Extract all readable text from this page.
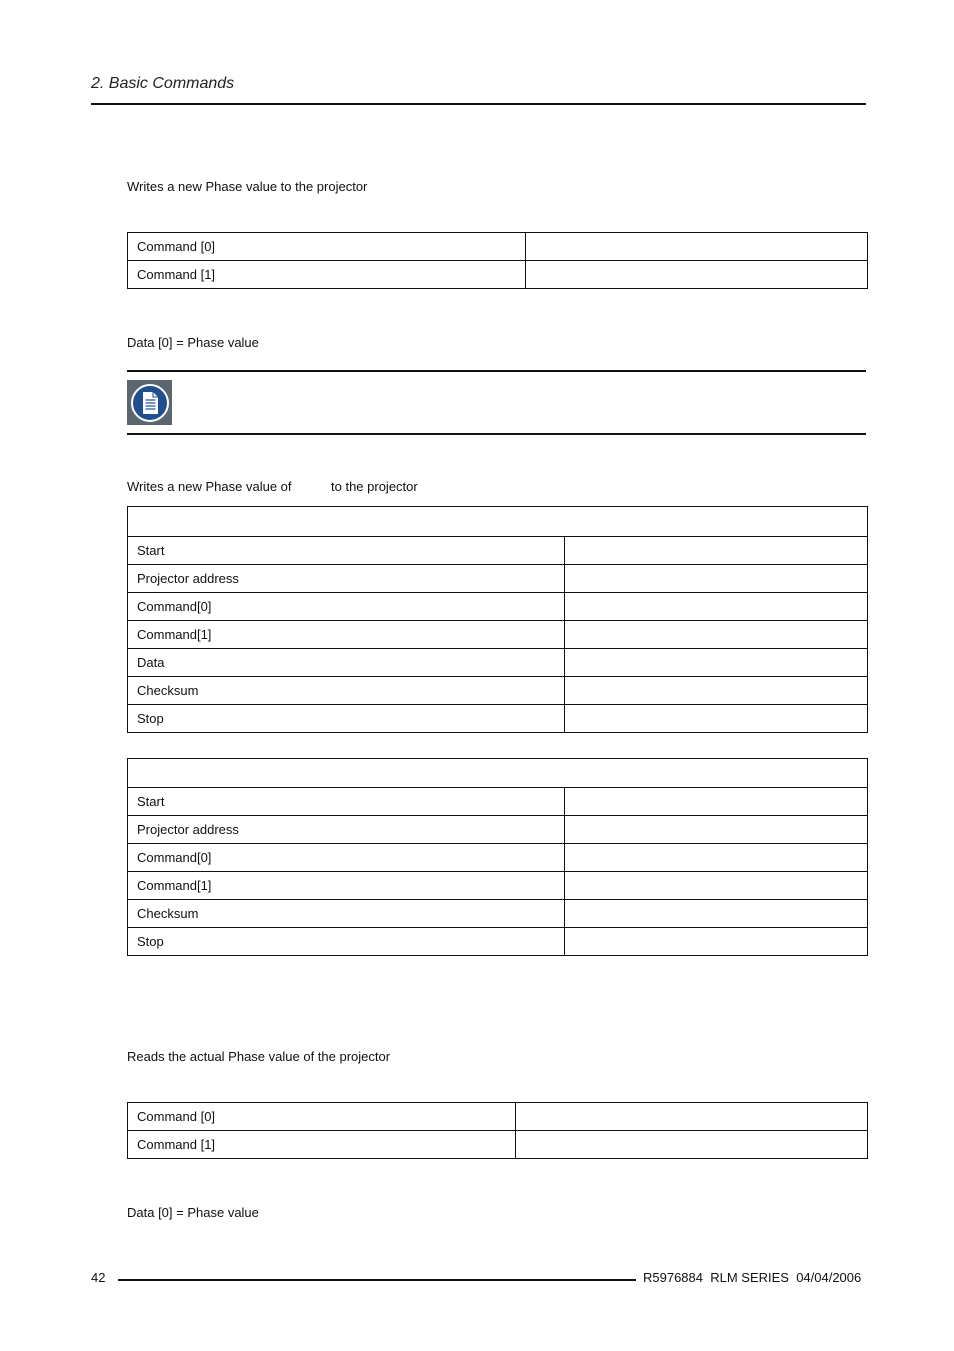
2. Basic Commands
Writes a new Phase value to the projector
Command [0]	
Command [1]	
Data [0] = Phase value
Writes a new Phase value of	to the projector

Start	
Projector address	
Command[0]	
Command[1]	
Data	
Checksum	
Stop	

Start	
Projector address	
Command[0]	
Command[1]	
Checksum	
Stop	
Reads the actual Phase value of the projector
Command [0]	
Command [1]	
Data [0] = Phase value
42	R5976884  RLM SERIES  04/04/2006
